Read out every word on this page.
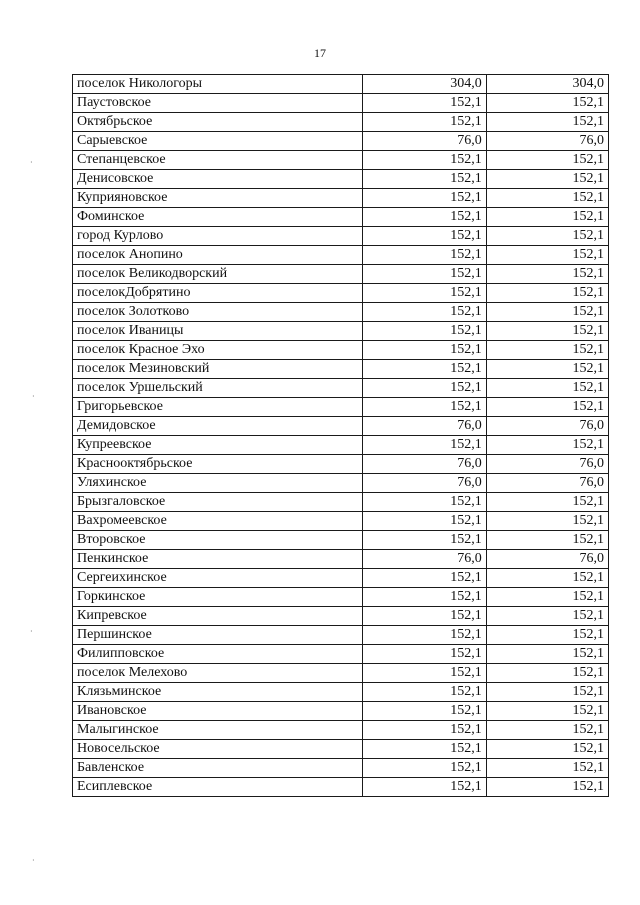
17
поселок Никологоры	304,0	304,0
Паустовское	152,1	152,1
Октябрьское	152,1	152,1
Сарыевское	76,0	76,0
Степанцевское	152,1	152,1
Денисовское	152,1	152,1
Куприяновское	152,1	152,1
Фоминское	152,1	152,1
город Курлово	152,1	152,1
поселок Анопино	152,1	152,1
поселок Великодворский	152,1	152,1
поселокДобрятино	152,1	152,1
поселок Золотково	152,1	152,1
поселок Иваницы	152,1	152,1
поселок Красное Эхо	152,1	152,1
поселок Мезиновский	152,1	152,1
поселок Уршельский	152,1	152,1
Григорьевское	152,1	152,1
Демидовское	76,0	76,0
Купреевское	152,1	152,1
Краснооктябрьское	76,0	76,0
Уляхинское	76,0	76,0
Брызгаловское	152,1	152,1
Вахромеевское	152,1	152,1
Второвское	152,1	152,1
Пенкинское	76,0	76,0
Сергеихинское	152,1	152,1
Горкинское	152,1	152,1
Кипревское	152,1	152,1
Першинское	152,1	152,1
Филипповское	152,1	152,1
поселок Мелехово	152,1	152,1
Клязьминское	152,1	152,1
Ивановское	152,1	152,1
Малыгинское	152,1	152,1
Новосельское	152,1	152,1
Бавленское	152,1	152,1
Есиплевское	152,1	152,1
·
·
·
·
